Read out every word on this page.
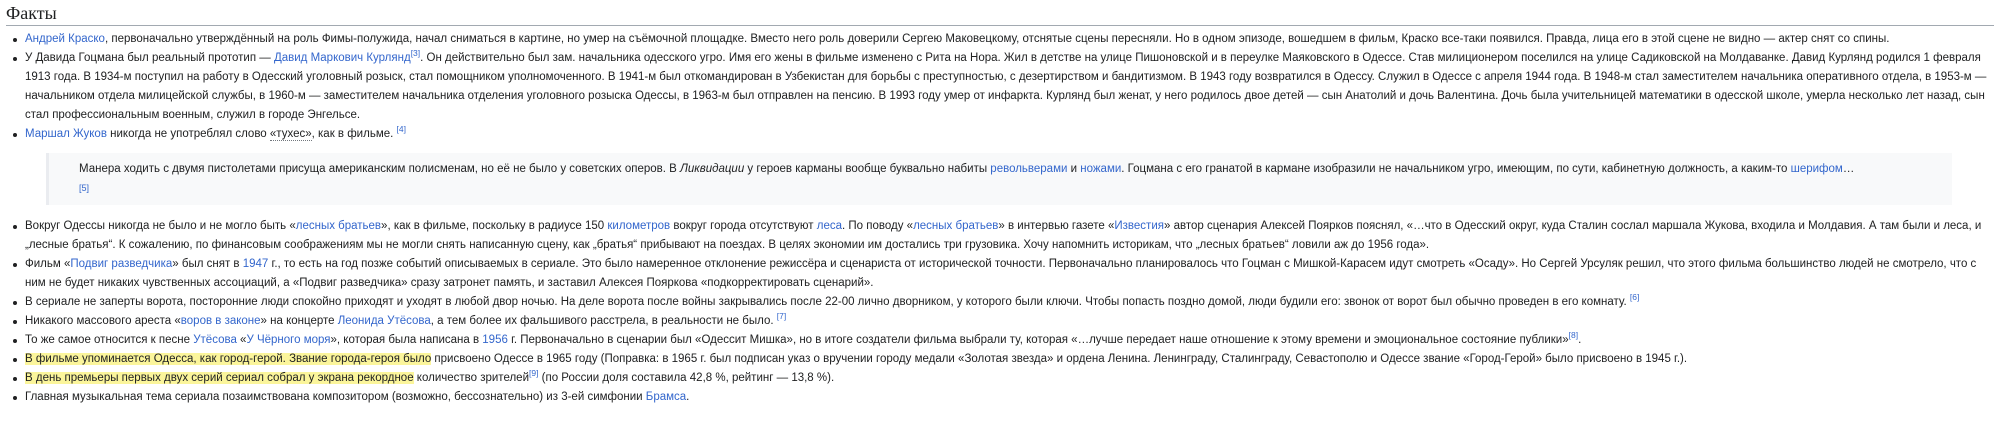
Факты
Андрей Краско, первоначально утверждённый на роль Фимы-полужида, начал сниматься в картине, но умер на съёмочной площадке. Вместо него роль доверили Сергею Маковецкому, отснятые сцены пересняли. Но в одном эпизоде, вошедшем в фильм, Краско все-таки появился. Правда, лица его в этой сцене не видно — актер снят со спины.
У Давида Гоцмана был реальный прототип — Давид Маркович Курлянд[3]. Он действительно был зам. начальника одесского угро. Имя его жены в фильме изменено с Рита на Нора. Жил в детстве на улице Пишоновской и в переулке Маяковского в Одессе. Став милиционером поселился на улице Садиковской на Молдаванке. Давид Курлянд родился 1 февраля 1913 года. В 1934-м поступил на работу в Одесский уголовный розыск, стал помощником уполномоченного. В 1941-м был откомандирован в Узбекистан для борьбы с преступностью, с дезертирством и бандитизмом. В 1943 году возвратился в Одессу. Служил в Одессе с апреля 1944 года. В 1948-м стал заместителем начальника оперативного отдела, в 1953-м — начальником отдела милицейской службы, в 1960-м — заместителем начальника отделения уголовного розыска Одессы, в 1963-м был отправлен на пенсию. В 1993 году умер от инфаркта. Курлянд был женат, у него родилось двое детей — сын Анатолий и дочь Валентина. Дочь была учительницей математики в одесской школе, умерла несколько лет назад, сын стал профессиональным военным, служил в городе Энгельсе.
Маршал Жуков никогда не употреблял слово «тухес», как в фильме. [4]
Манера ходить с двумя пистолетами присуща американским полисменам, но её не было у советских оперов. В Ликвидации у героев карманы вообще буквально набиты револьверами и ножами. Гоцмана с его гранатой в кармане изобразили не начальником угро, имеющим, по сути, кабинетную должность, а каким-то шерифом…
[5]
Вокруг Одессы никогда не было и не могло быть «лесных братьев», как в фильме, поскольку в радиусе 150 километров вокруг города отсутствуют леса. По поводу «лесных братьев» в интервью газете «Известия» автор сценария Алексей Поярков пояснял, «…что в Одесский округ, куда Сталин сослал маршала Жукова, входила и Молдавия. А там были и леса, и „лесные братья“. К сожалению, по финансовым соображениям мы не могли снять написанную сцену, как „братья“ прибывают на поездах. В целях экономии им достались три грузовика. Хочу напомнить историкам, что „лесных братьев“ ловили аж до 1956 года».
Фильм «Подвиг разведчика» был снят в 1947 г., то есть на год позже событий описываемых в сериале. Это было намеренное отклонение режиссёра и сценариста от исторической точности. Первоначально планировалось что Гоцман с Мишкой-Карасем идут смотреть «Осаду». Но Сергей Урсуляк решил, что этого фильма большинство людей не смотрело, что с ним не будет никаких чувственных ассоциаций, а «Подвиг разведчика» сразу затронет память, и заставил Алексея Пояркова «подкорректировать сценарий».
В сериале не заперты ворота, посторонние люди спокойно приходят и уходят в любой двор ночью. На деле ворота после войны закрывались после 22-00 лично дворником, у которого были ключи. Чтобы попасть поздно домой, люди будили его: звонок от ворот был обычно проведен в его комнату. [6]
Никакого массового ареста «воров в законе» на концерте Леонида Утёсова, а тем более их фальшивого расстрела, в реальности не было. [7]
То же самое относится к песне Утёсова «У Чёрного моря», которая была написана в 1956 г. Первоначально в сценарии был «Одессит Мишка», но в итоге создатели фильма выбрали ту, которая «…лучше передает наше отношение к этому времени и эмоциональное состояние публики»[8].
В фильме упоминается Одесса, как город-герой. Звание города-героя было присвоено Одессе в 1965 году (Поправка: в 1965 г. был подписан указ о вручении городу медали «Золотая звезда» и ордена Ленина. Ленинграду, Сталинграду, Севастополю и Одессе звание «Город-Герой» было присвоено в 1945 г.).
В день премьеры первых двух серий сериал собрал у экрана рекордное количество зрителей[9] (по России доля составила 42,8 %, рейтинг — 13,8 %).
Главная музыкальная тема сериала позаимствована композитором (возможно, бессознательно) из 3-ей симфонии Брамса.
